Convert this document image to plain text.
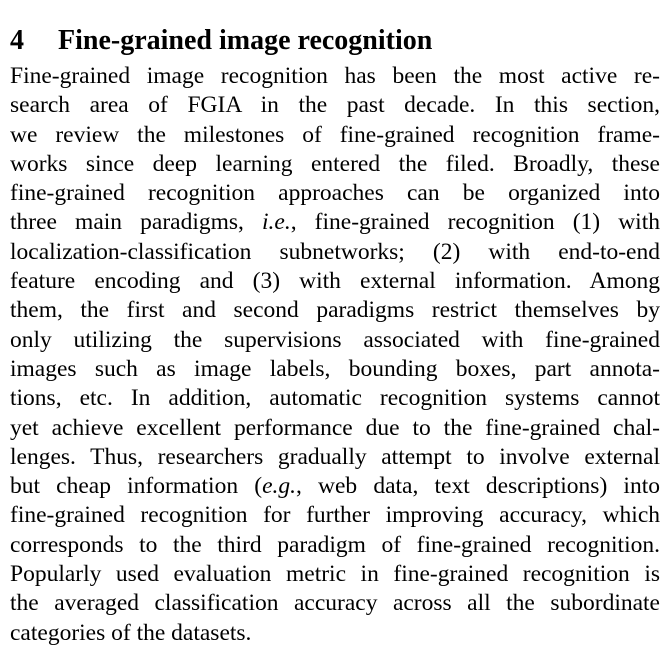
4 Fine-grained image recognition
Fine-grained image recognition has been the most active re-
search area of FGIA in the past decade. In this section,
we review the milestones of fine-grained recognition frame-
works since deep learning entered the filed. Broadly, these
fine-grained recognition approaches can be organized into
three main paradigms, i.e., fine-grained recognition (1) with
localization-classification subnetworks; (2) with end-to-end
feature encoding and (3) with external information. Among
them, the first and second paradigms restrict themselves by
only utilizing the supervisions associated with fine-grained
images such as image labels, bounding boxes, part annota-
tions, etc. In addition, automatic recognition systems cannot
yet achieve excellent performance due to the fine-grained chal-
lenges. Thus, researchers gradually attempt to involve external
but cheap information (e.g., web data, text descriptions) into
fine-grained recognition for further improving accuracy, which
corresponds to the third paradigm of fine-grained recognition.
Popularly used evaluation metric in fine-grained recognition is
the averaged classification accuracy across all the subordinate
categories of the datasets.
